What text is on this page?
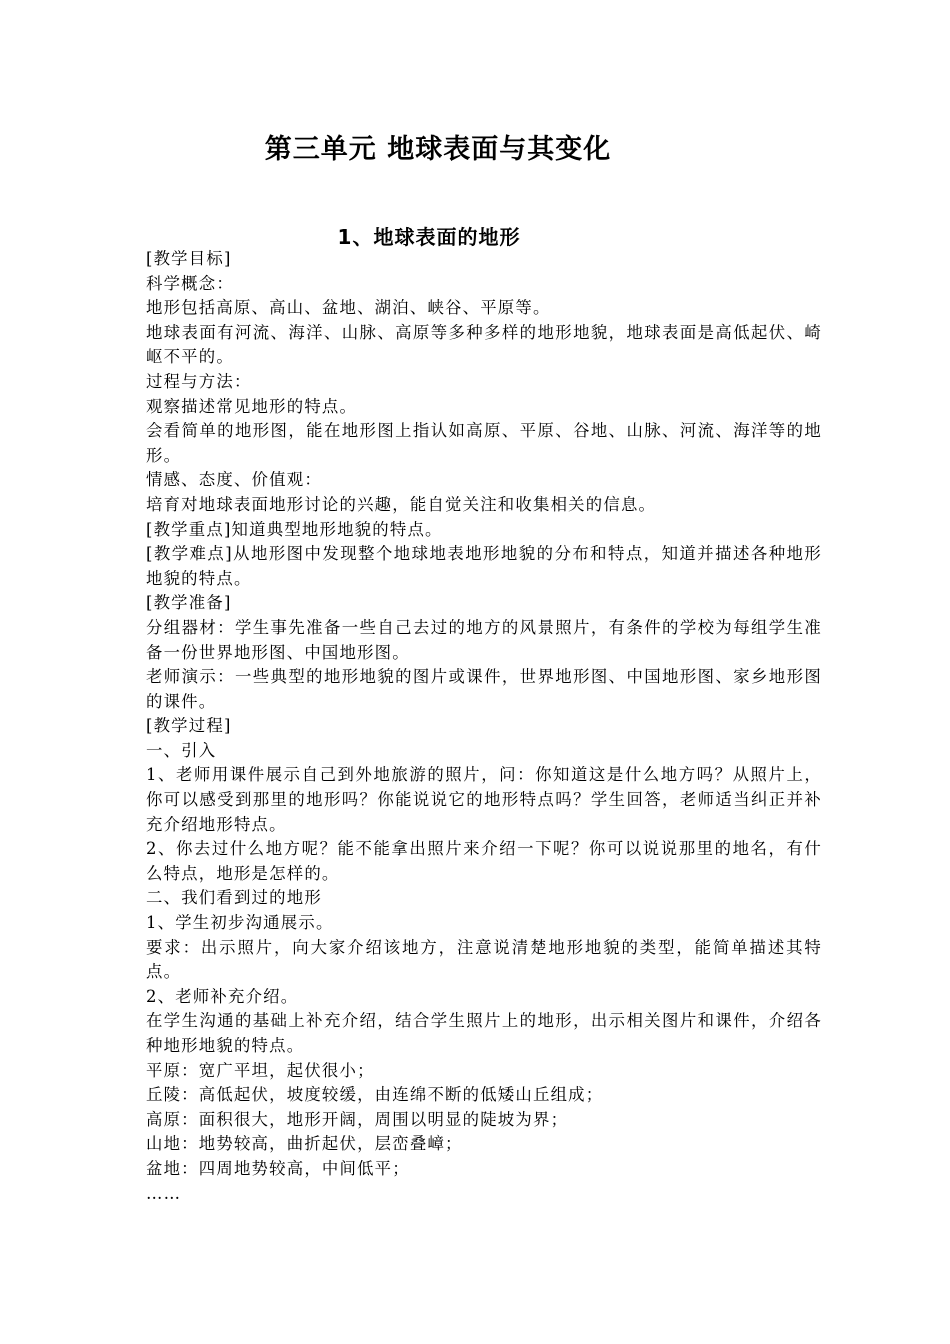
第三单元 地球表面与其变化
1、地球表面的地形

[教学目标]

科学概念：

地形包括高原、高山、盆地、湖泊、峡谷、平原等。

地球表面有河流、海洋、山脉、高原等多种多样的地形地貌，地球表面是高低起伏、崎岖不平的。

过程与方法：

观察描述常见地形的特点。

会看简单的地形图，能在地形图上指认如高原、平原、谷地、山脉、河流、海洋等的地形。

情感、态度、价值观：

培育对地球表面地形讨论的兴趣，能自觉关注和收集相关的信息。

[教学重点]知道典型地形地貌的特点。

[教学难点]从地形图中发现整个地球地表地形地貌的分布和特点，知道并描述各种地形地貌的特点。

[教学准备]

分组器材：学生事先准备一些自己去过的地方的风景照片，有条件的学校为每组学生准备一份世界地形图、中国地形图。

老师演示：一些典型的地形地貌的图片或课件，世界地形图、中国地形图、家乡地形图的课件。

[教学过程]

一、引入

1、老师用课件展示自己到外地旅游的照片，问：你知道这是什么地方吗？从照片上，你可以感受到那里的地形吗？你能说说它的地形特点吗？学生回答，老师适当纠正并补充介绍地形特点。

2、你去过什么地方呢？能不能拿出照片来介绍一下呢？你可以说说那里的地名，有什么特点，地形是怎样的。

二、我们看到过的地形

1、学生初步沟通展示。

要求：出示照片，向大家介绍该地方，注意说清楚地形地貌的类型，能简单描述其特点。

2、老师补充介绍。

在学生沟通的基础上补充介绍，结合学生照片上的地形，出示相关图片和课件，介绍各种地形地貌的特点。

平原：宽广平坦，起伏很小；

丘陵：高低起伏，坡度较缓，由连绵不断的低矮山丘组成；

高原：面积很大，地形开阔，周围以明显的陡坡为界；

山地：地势较高，曲折起伏，层峦叠嶂；

盆地：四周地势较高，中间低平；

……
